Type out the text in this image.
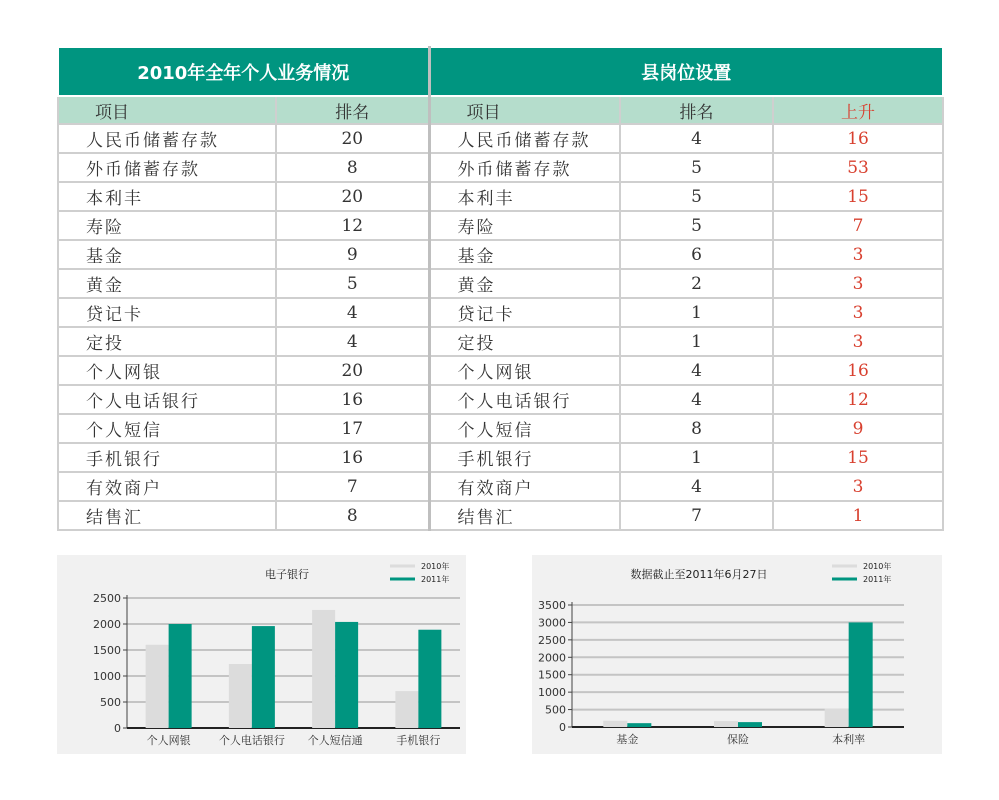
2010年全年个人业务情况		县岗位设置		
项目	排名	项目	排名	上升
人民币储蓄存款	20	人民币储蓄存款	4	16
外币储蓄存款	8	外币储蓄存款	5	53
本利丰	20	本利丰	5	15
寿险	12	寿险	5	7
基金	9	基金	6	3
黄金	5	黄金	2	3
贷记卡	4	贷记卡	1	3
定投	4	定投	1	3
个人网银	20	个人网银	4	16
个人电话银行	16	个人电话银行	4	12
个人短信	17	个人短信	8	9
手机银行	16	手机银行	1	15
有效商户	7	有效商户	4	3
结售汇	8	结售汇	7	1
电子银行
2010年
2011年
0
500
1000
1500
2000
2500
个人网银	个人电话银行 个人短信通	手机银行
数据截止至2011年6月27日
2010年
2011年
0
500
1000
1500
2000
2500
3000
3500
基金	保险	本利率
